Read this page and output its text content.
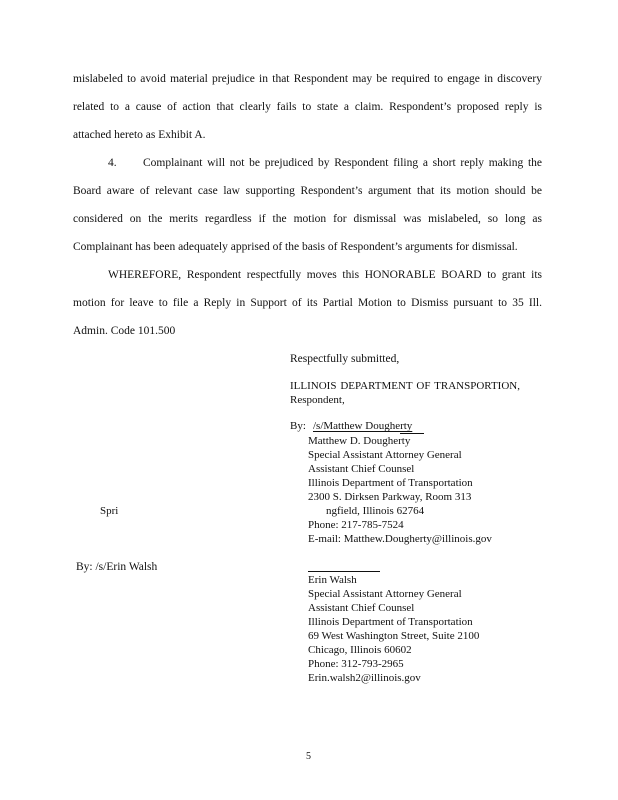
mislabeled to avoid material prejudice in that Respondent may be required to engage in discovery
related to a cause of action that clearly fails to state a claim. Respondent’s proposed reply is
attached hereto as Exhibit A.
4. Complainant will not be prejudiced by Respondent filing a short reply making the
Board aware of relevant case law supporting Respondent’s argument that its motion should be
considered on the merits regardless if the motion for dismissal was mislabeled, so long as
Complainant has been adequately apprised of the basis of Respondent’s arguments for dismissal.
WHEREFORE, Respondent respectfully moves this HONORABLE BOARD to grant its
motion for leave to file a Reply in Support of its Partial Motion to Dismiss pursuant to 35 Ill.
Admin. Code 101.500
Respectfully submitted,
ILLINOIS DEPARTMENT OF TRANSPORTION,
Respondent,
By: /s/Matthew Dougherty
Matthew D. Dougherty
Special Assistant Attorney General
Assistant Chief Counsel
Illinois Department of Transportation
2300 S. Dirksen Parkway, Room 313
Spri	ngfield, Illinois 62764
Phone: 217-785-7524
E-mail: Matthew.Dougherty@illinois.gov
By: /s/Erin Walsh
Erin Walsh
Special Assistant Attorney General
Assistant Chief Counsel
Illinois Department of Transportation
69 West Washington Street, Suite 2100
Chicago, Illinois 60602
Phone: 312-793-2965
Erin.walsh2@illinois.gov
5
